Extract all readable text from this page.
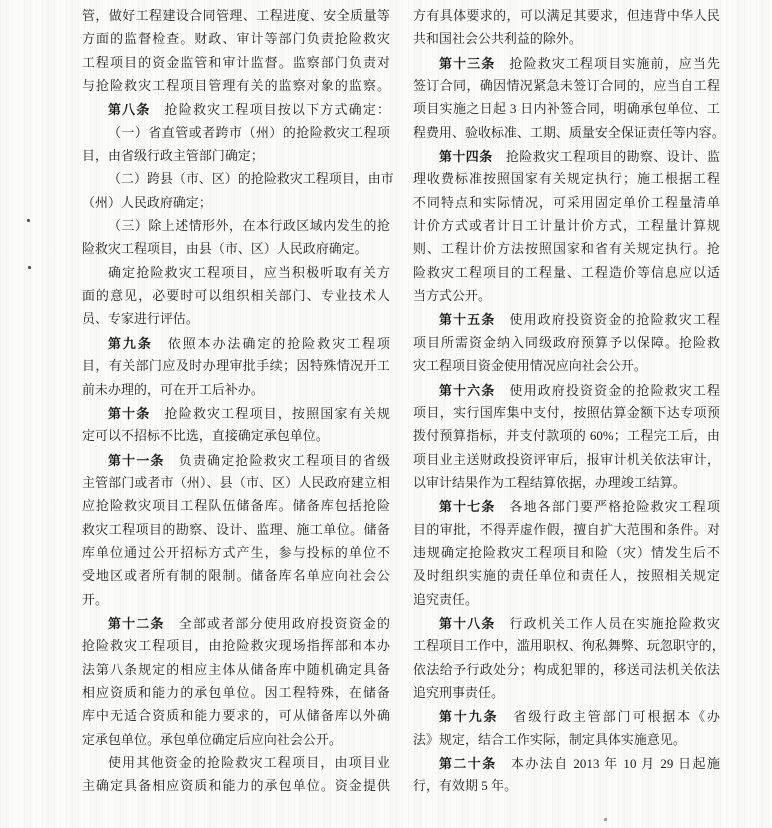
管，做好工程建设合同管理、工程进度、安全质量等
方面的监督检查。财政、审计等部门负责抢险救灾
工程项目的资金监管和审计监督。监察部门负责对
与抢险救灾工程项目管理有关的监察对象的监察。
第八条　抢险救灾工程项目按以下方式确定：
（一）省直管或者跨市（州）的抢险救灾工程项
目，由省级行政主管部门确定；
（二）跨县（市、区）的抢险救灾工程项目，由市
（州）人民政府确定；
（三）除上述情形外，在本行政区域内发生的抢
险救灾工程项目，由县（市、区）人民政府确定。
确定抢险救灾工程项目，应当积极听取有关方
面的意见，必要时可以组织相关部门、专业技术人
员、专家进行评估。
第九条　依照本办法确定的抢险救灾工程项
目，有关部门应及时办理审批手续；因特殊情况开工
前未办理的，可在开工后补办。
第十条　抢险救灾工程项目，按照国家有关规
定可以不招标不比选，直接确定承包单位。
第十一条　负责确定抢险救灾工程项目的省级
主管部门或者市（州）、县（市、区）人民政府建立相
应抢险救灾项目工程队伍储备库。储备库包括抢险
救灾工程项目的勘察、设计、监理、施工单位。储备
库单位通过公开招标方式产生，参与投标的单位不
受地区或者所有制的限制。储备库名单应向社会公
开。
第十二条　全部或者部分使用政府投资资金的
抢险救灾工程项目，由抢险救灾现场指挥部和本办
法第八条规定的相应主体从储备库中随机确定具备
相应资质和能力的承包单位。因工程特殊，在储备
库中无适合资质和能力要求的，可从储备库以外确
定承包单位。承包单位确定后应向社会公开。
使用其他资金的抢险救灾工程项目，由项目业
主确定具备相应资质和能力的承包单位。资金提供
方有具体要求的，可以满足其要求，但违背中华人民
共和国社会公共利益的除外。
第十三条　抢险救灾工程项目实施前，应当先
签订合同，确因情况紧急未签订合同的，应当自工程
项目实施之日起 3 日内补签合同，明确承包单位、工
程费用、验收标准、工期、质量安全保证责任等内容。
第十四条　抢险救灾工程项目的勘察、设计、监
理收费标准按照国家有关规定执行；施工根据工程
不同特点和实际情况，可采用固定单价工程量清单
计价方式或者计日工计量计价方式，工程量计算规
则、工程计价方法按照国家和省有关规定执行。抢
险救灾工程项目的工程量、工程造价等信息应以适
当方式公开。
第十五条　使用政府投资资金的抢险救灾工程
项目所需资金纳入同级政府预算予以保障。抢险救
灾工程项目资金使用情况应向社会公开。
第十六条　使用政府投资资金的抢险救灾工程
项目，实行国库集中支付，按照估算金额下达专项预
拨付预算指标，并支付款项的 60%；工程完工后，由
项目业主送财政投资评审后，报审计机关依法审计，
以审计结果作为工程结算依据，办理竣工结算。
第十七条　各地各部门要严格抢险救灾工程项
目的审批，不得弄虚作假，擅自扩大范围和条件。对
违规确定抢险救灾工程项目和险（灾）情发生后不
及时组织实施的责任单位和责任人，按照相关规定
追究责任。
第十八条　行政机关工作人员在实施抢险救灾
工程项目工作中，滥用职权、徇私舞弊、玩忽职守的，
依法给予行政处分；构成犯罪的，移送司法机关依法
追究刑事责任。
第十九条　省级行政主管部门可根据本《办
法》规定，结合工作实际，制定具体实施意见。
第二十条　本办法自 2013 年 10 月 29 日起施
行，有效期 5 年。
